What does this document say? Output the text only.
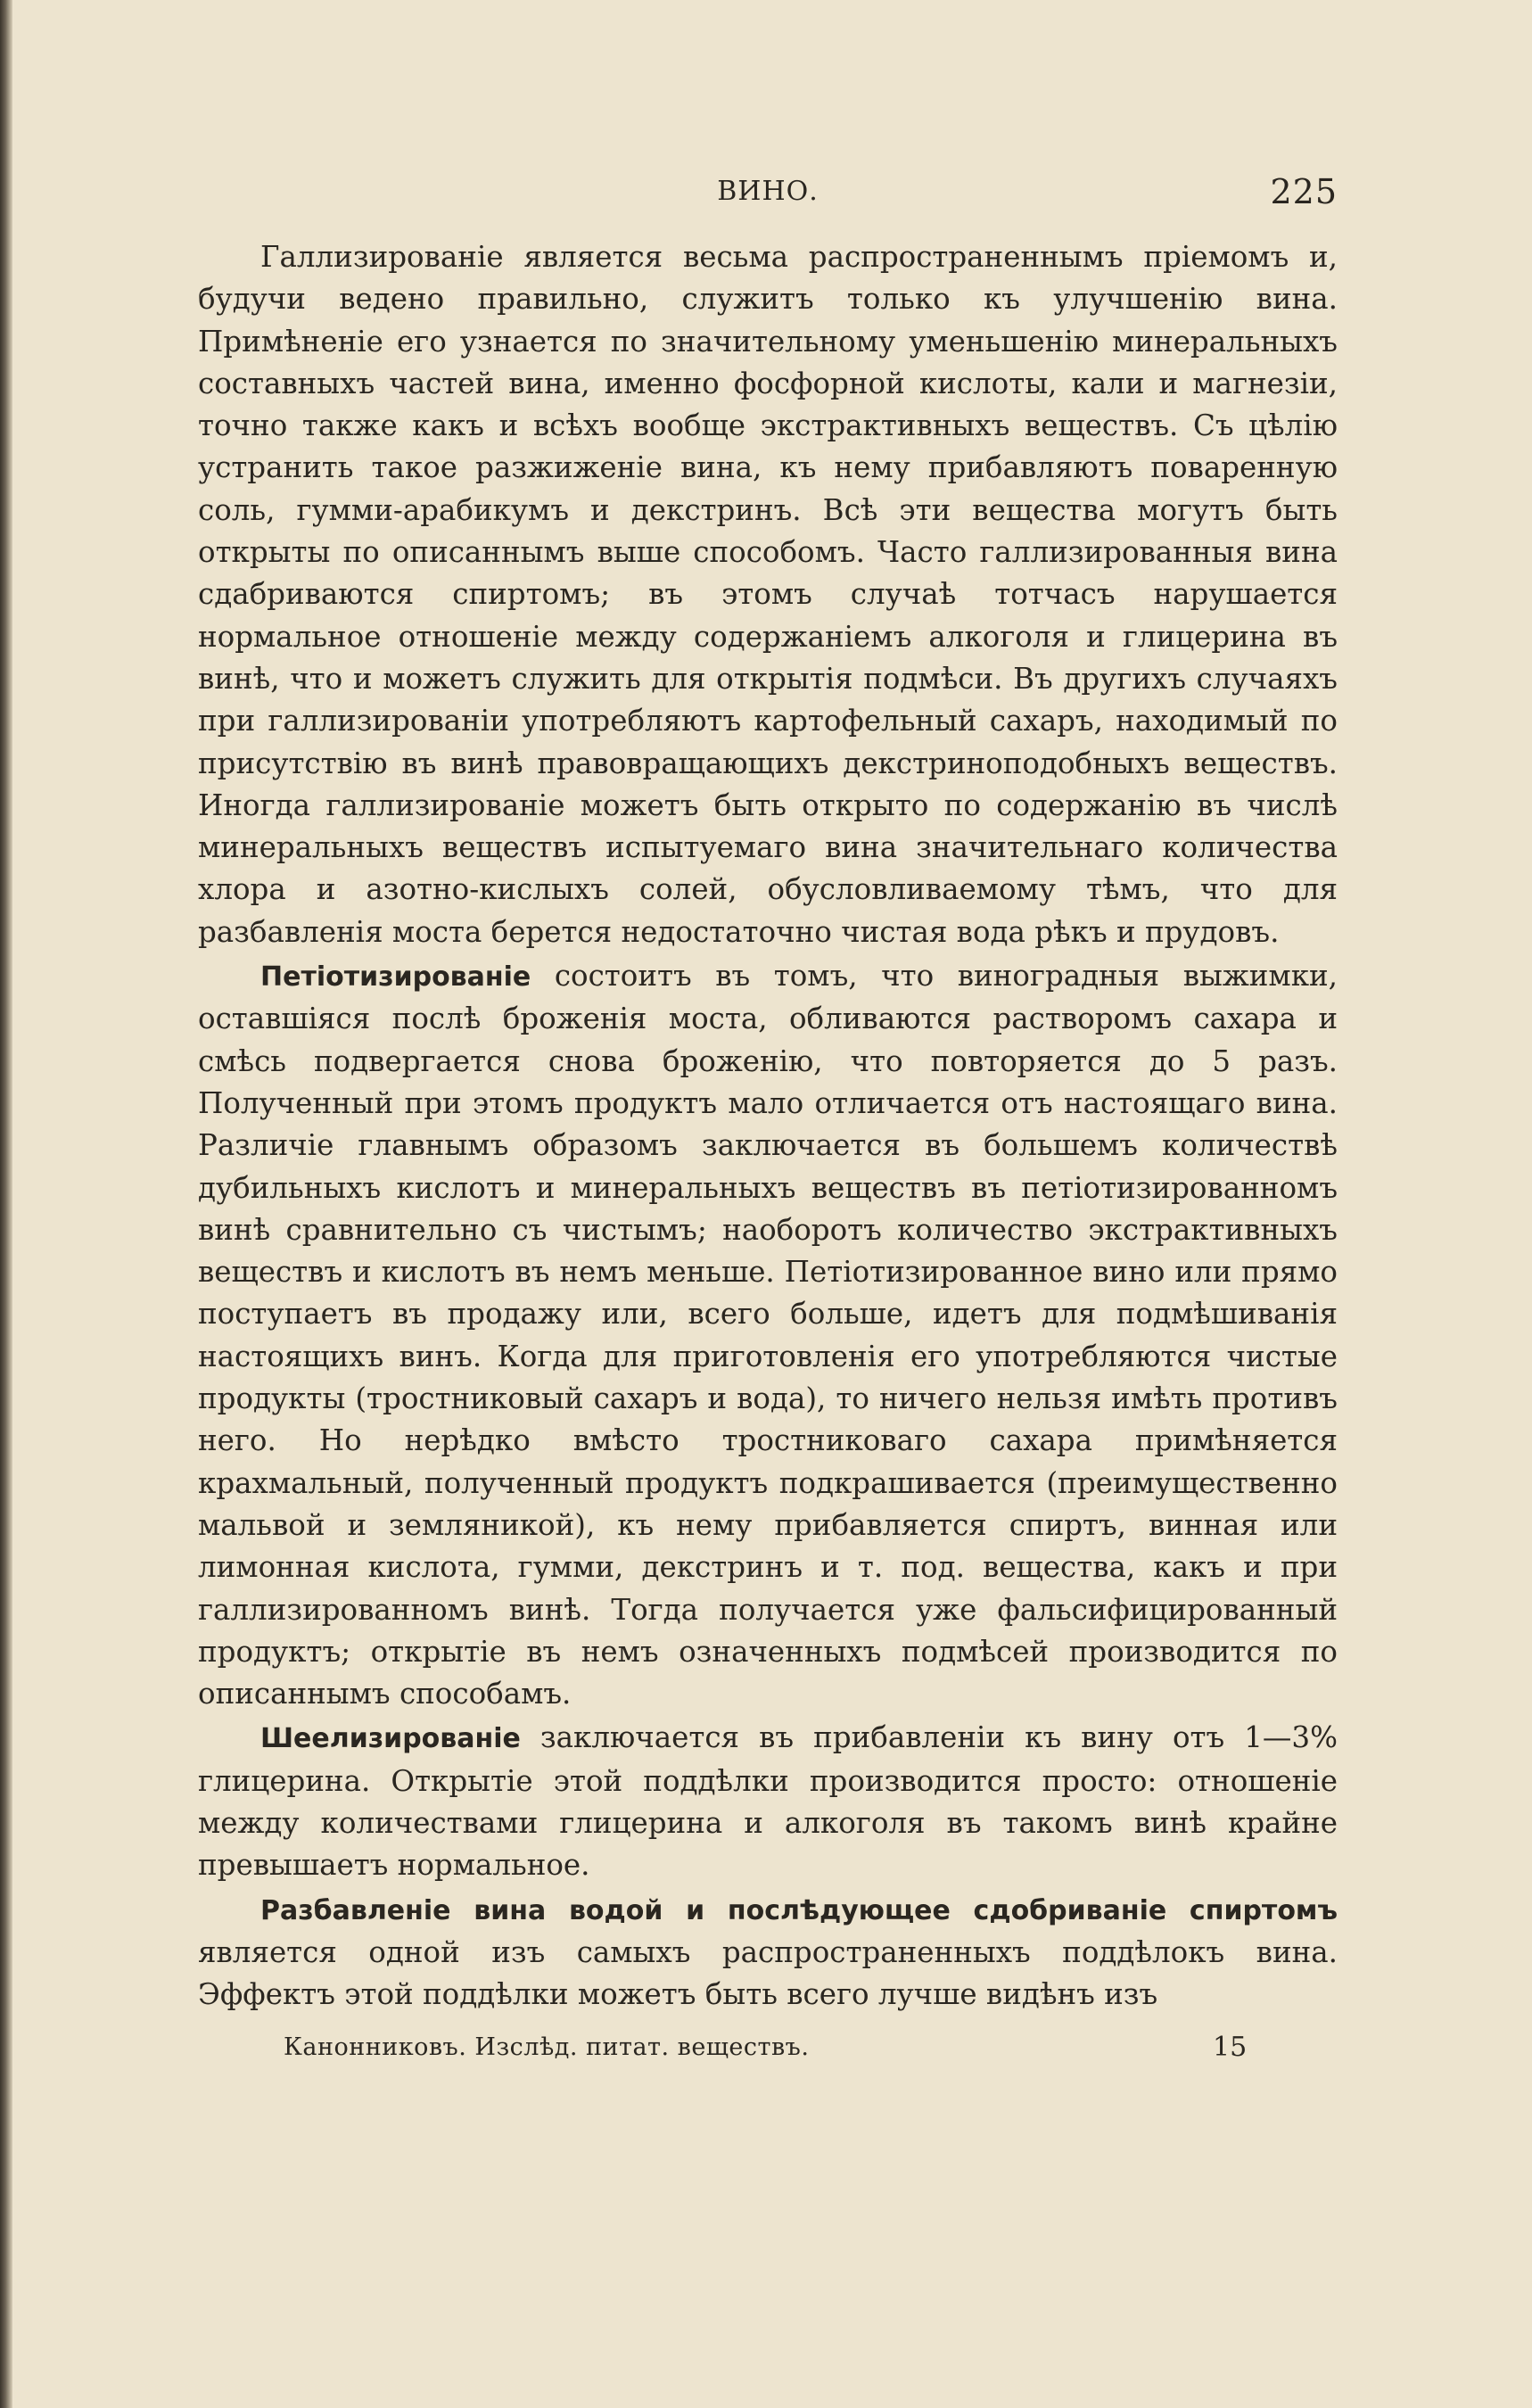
ВИНО.	225

Галлизированіе является весьма распространеннымъ пріемомъ и, будучи ведено правильно, служитъ только къ улучшенію вина. Примѣненіе его узнается по значительному уменьшенію минеральныхъ составныхъ частей вина, именно фосфорной кислоты, кали и магнезіи, точно также какъ и всѣхъ вообще экстрактивныхъ веществъ. Съ цѣлію устранить такое разжиженіе вина, къ нему прибавляютъ поваренную соль, гумми-арабикумъ и декстринъ. Всѣ эти вещества могутъ быть открыты по описаннымъ выше способомъ. Часто галлизированныя вина сдабриваются спиртомъ; въ этомъ случаѣ тотчасъ нарушается нормальное отношеніе между содержаніемъ алкоголя и глицерина въ винѣ, что и можетъ служить для открытія подмѣси. Въ другихъ случаяхъ при галлизированіи употребляютъ картофельный сахаръ, находимый по присутствію въ винѣ правовращающихъ декстриноподобныхъ веществъ. Иногда галлизированіе можетъ быть открыто по содержанію въ числѣ минеральныхъ веществъ испытуемаго вина значительнаго количества хлора и азотно-кислыхъ солей, обусловливаемому тѣмъ, что для разбавленія моста берется недостаточно чистая вода рѣкъ и прудовъ.

Петіотизированіе состоитъ въ томъ, что виноградныя выжимки, оставшіяся послѣ броженія моста, обливаются растворомъ сахара и смѣсь подвергается снова броженію, что повторяется до 5 разъ. Полученный при этомъ продуктъ мало отличается отъ настоящаго вина. Различіе главнымъ образомъ заключается въ большемъ количествѣ дубильныхъ кислотъ и минеральныхъ веществъ въ петіотизированномъ винѣ сравнительно съ чистымъ; наоборотъ количество экстрактивныхъ веществъ и кислотъ въ немъ меньше. Петіотизированное вино или прямо поступаетъ въ продажу или, всего больше, идетъ для подмѣшиванія настоящихъ винъ. Когда для приготовленія его употребляются чистые продукты (тростниковый сахаръ и вода), то ничего нельзя имѣть противъ него. Но нерѣдко вмѣсто тростниковаго сахара примѣняется крахмальный, полученный продуктъ подкрашивается (преимущественно мальвой и земляникой), къ нему прибавляется спиртъ, винная или лимонная кислота, гумми, декстринъ и т. под. вещества, какъ и при галлизированномъ винѣ. Тогда получается уже фальсифицированный продуктъ; открытіе въ немъ означенныхъ подмѣсей производится по описаннымъ способамъ.

Шеелизированіе заключается въ прибавленіи къ вину отъ 1—3% глицерина. Открытіе этой поддѣлки производится просто: отношеніе между количествами глицерина и алкоголя въ такомъ винѣ крайне превышаетъ нормальное.

Разбавленіе вина водой и послѣдующее сдобриваніе спиртомъ является одной изъ самыхъ распространенныхъ поддѣлокъ вина. Эффектъ этой поддѣлки можетъ быть всего лучше видѣнъ изъ

Канонниковъ. Изслѣд. питат. веществъ.	15
